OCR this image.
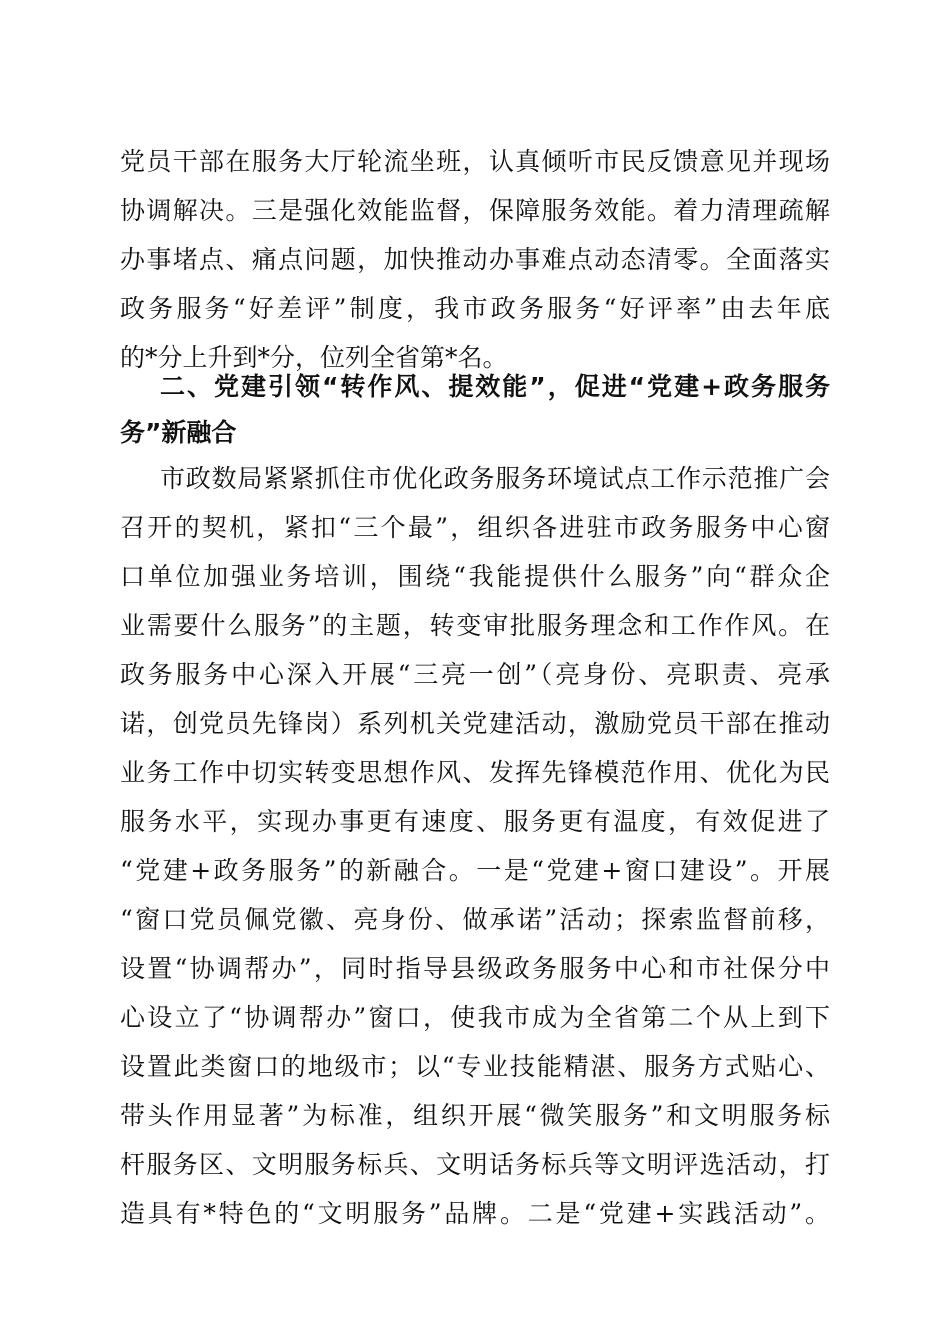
党员干部在服务大厅轮流坐班，认真倾听市民反馈意见并现场
协调解决。三是强化效能监督，保障服务效能。着力清理疏解
办事堵点、痛点问题，加快推动办事难点动态清零。全面落实
政务服务“好差评”制度，我市政务服务“好评率”由去年底
的*分上升到*分，位列全省第*名。
二、党建引领“转作风、提效能”，促进“党建+政务服务
务”新融合
市政数局紧紧抓住市优化政务服务环境试点工作示范推广会
召开的契机，紧扣“三个最”，组织各进驻市政务服务中心窗
口单位加强业务培训，围绕“我能提供什么服务”向“群众企
业需要什么服务”的主题，转变审批服务理念和工作作风。在
政务服务中心深入开展“三亮一创”（亮身份、亮职责、亮承
诺，创党员先锋岗）系列机关党建活动，激励党员干部在推动
业务工作中切实转变思想作风、发挥先锋模范作用、优化为民
服务水平，实现办事更有速度、服务更有温度，有效促进了
“党建+政务服务”的新融合。一是“党建+窗口建设”。开展
“窗口党员佩党徽、亮身份、做承诺”活动；探索监督前移，
设置“协调帮办”，同时指导县级政务服务中心和市社保分中
心设立了“协调帮办”窗口，使我市成为全省第二个从上到下
设置此类窗口的地级市；以“专业技能精湛、服务方式贴心、
带头作用显著”为标准，组织开展“微笑服务”和文明服务标
杆服务区、文明服务标兵、文明话务标兵等文明评选活动，打
造具有*特色的“文明服务”品牌。二是“党建+实践活动”。
